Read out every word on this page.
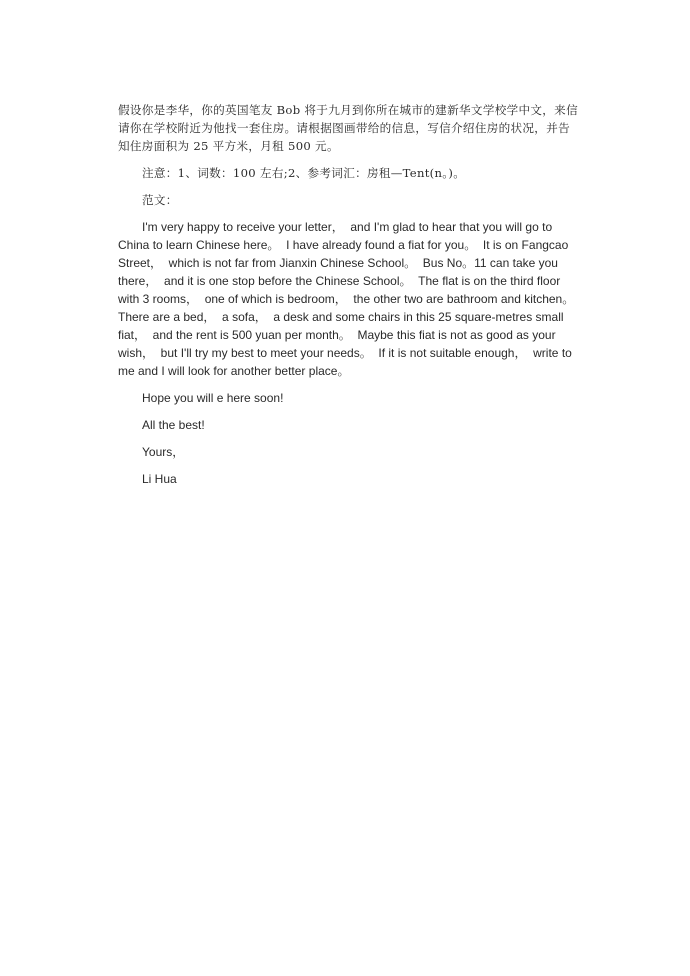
假设你是李华，你的英国笔友 Bob 将于九月到你所在城市的建新华文学校学中文，来信
请你在学校附近为他找一套住房。请根据图画带给的信息，写信介绍住房的状况，并告
知住房面积为 25 平方米，月租 500 元。
注意：1、词数：100 左右;2、参考词汇：房租—Tent(n。)。
范文：
I'm very happy to receive your letter，  and I'm glad to hear that you will go to
China to learn Chinese here。  I have already found a fiat for you。  It is on Fangcao
Street，  which is not far from Jianxin Chinese School。  Bus No。11 can take you
there，  and it is one stop before the Chinese School。  The flat is on the third floor
with 3 rooms，  one of which is bedroom，  the other two are bathroom and kitchen。
There are a bed，  a sofa，  a desk and some chairs in this 25 square-metres small
fiat，  and the rent is 500 yuan per month。  Maybe this fiat is not as good as your
wish，  but I'll try my best to meet your needs。  If it is not suitable enough，  write to
me and I will look for another better place。
Hope you will e here soon!
All the best!
Yours，
Li Hua
